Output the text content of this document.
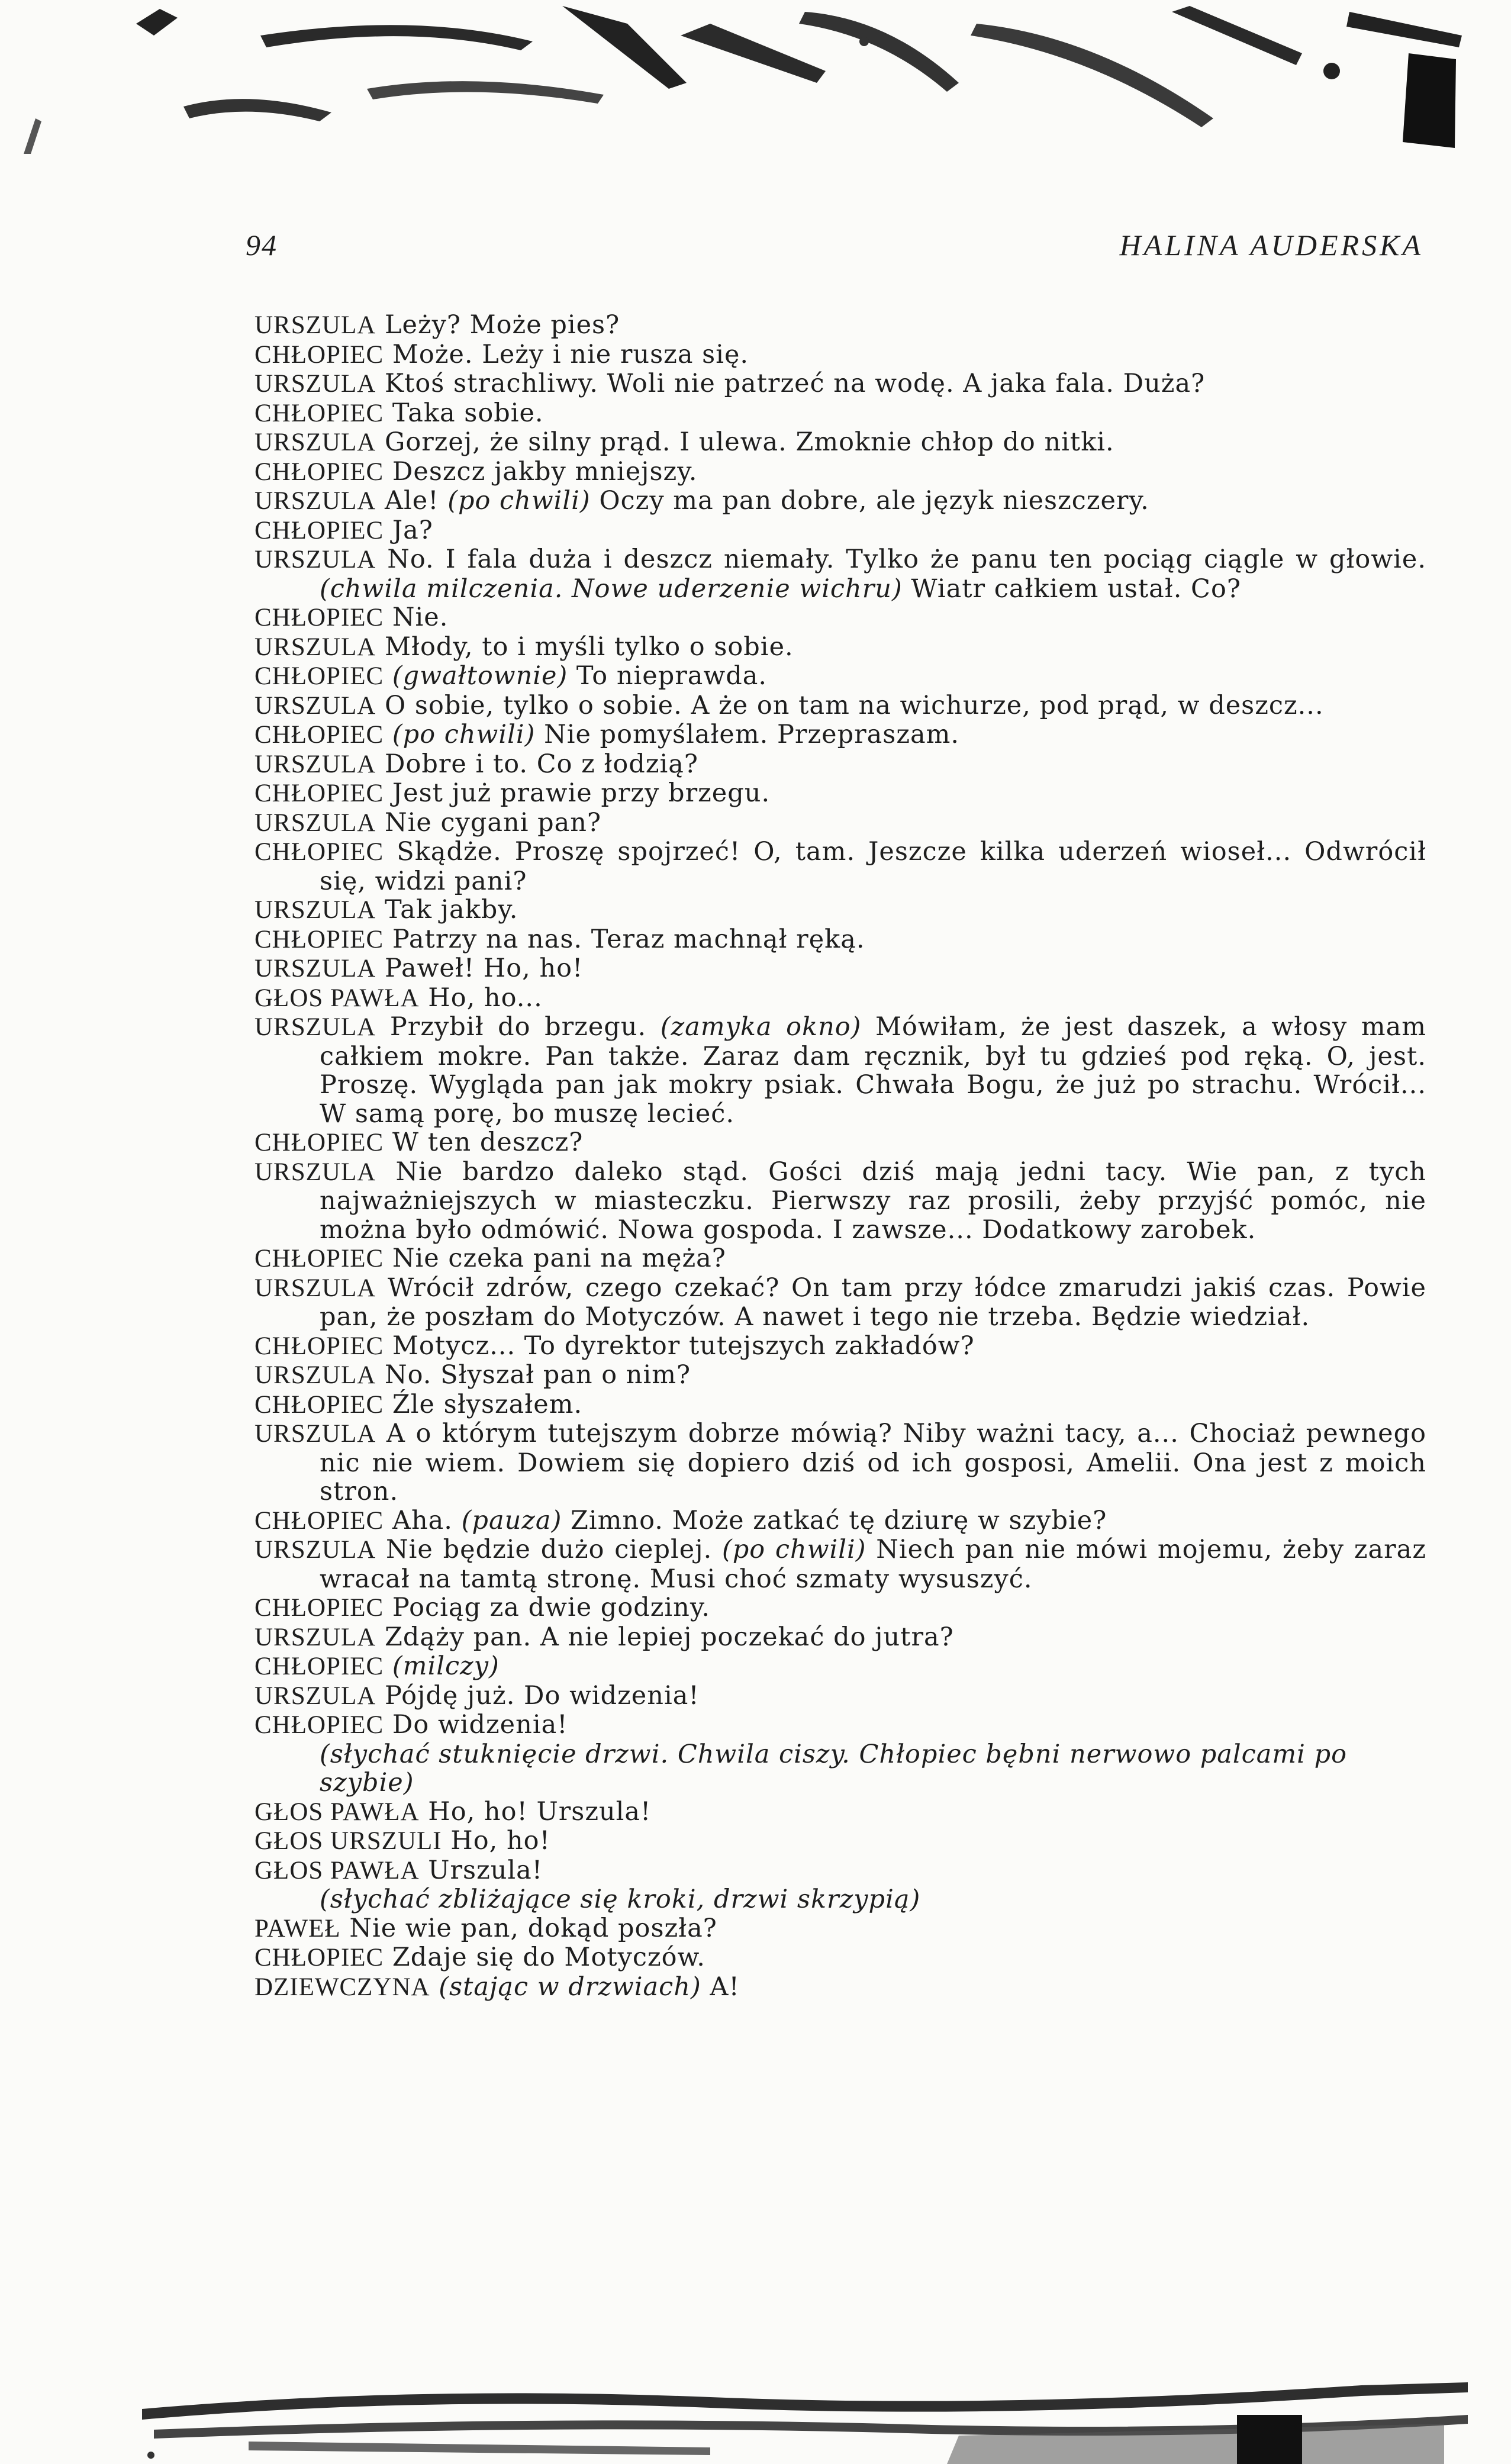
94	HALINA AUDERSKA

URSZULA Leży? Może pies?

CHŁOPIEC Może. Leży i nie rusza się.

URSZULA Ktoś strachliwy. Woli nie patrzeć na wodę. A jaka fala. Duża?

CHŁOPIEC Taka sobie.

URSZULA Gorzej, że silny prąd. I ulewa. Zmoknie chłop do nitki.

CHŁOPIEC Deszcz jakby mniejszy.

URSZULA Ale! (po chwili) Oczy ma pan dobre, ale język nieszczery.

CHŁOPIEC Ja?

URSZULA No. I fala duża i deszcz niemały. Tylko że panu ten pociąg ciągle w głowie. (chwila milczenia. Nowe uderzenie wichru) Wiatr całkiem ustał. Co?

CHŁOPIEC Nie.

URSZULA Młody, to i myśli tylko o sobie.

CHŁOPIEC (gwałtownie) To nieprawda.

URSZULA O sobie, tylko o sobie. A że on tam na wichurze, pod prąd, w deszcz...

CHŁOPIEC (po chwili) Nie pomyślałem. Przepraszam.

URSZULA Dobre i to. Co z łodzią?

CHŁOPIEC Jest już prawie przy brzegu.

URSZULA Nie cygani pan?

CHŁOPIEC Skądże. Proszę spojrzeć! O, tam. Jeszcze kilka uderzeń wioseł... Odwrócił się, widzi pani?

URSZULA Tak jakby.

CHŁOPIEC Patrzy na nas. Teraz machnął ręką.

URSZULA Paweł! Ho, ho!

GŁOS PAWŁA Ho, ho...

URSZULA Przybił do brzegu. (zamyka okno) Mówiłam, że jest daszek, a włosy mam całkiem mokre. Pan także. Zaraz dam ręcznik, był tu gdzieś pod ręką. O, jest. Proszę. Wygląda pan jak mokry psiak. Chwała Bogu, że już po strachu. Wrócił... W samą porę, bo muszę lecieć.

CHŁOPIEC W ten deszcz?

URSZULA Nie bardzo daleko stąd. Gości dziś mają jedni tacy. Wie pan, z tych najważniejszych w miasteczku. Pierwszy raz prosili, żeby przyjść pomóc, nie można było odmówić. Nowa gospoda. I zawsze... Dodatkowy zarobek.

CHŁOPIEC Nie czeka pani na męża?

URSZULA Wrócił zdrów, czego czekać? On tam przy łódce zmarudzi jakiś czas. Powie pan, że poszłam do Motyczów. A nawet i tego nie trzeba. Będzie wiedział.

CHŁOPIEC Motycz... To dyrektor tutejszych zakładów?

URSZULA No. Słyszał pan o nim?

CHŁOPIEC Źle słyszałem.

URSZULA A o którym tutejszym dobrze mówią? Niby ważni tacy, a... Chociaż pewnego nic nie wiem. Dowiem się dopiero dziś od ich gosposi, Amelii. Ona jest z moich stron.

CHŁOPIEC Aha. (pauza) Zimno. Może zatkać tę dziurę w szybie?

URSZULA Nie będzie dużo cieplej. (po chwili) Niech pan nie mówi mojemu, żeby zaraz wracał na tamtą stronę. Musi choć szmaty wysuszyć.

CHŁOPIEC Pociąg za dwie godziny.

URSZULA Zdąży pan. A nie lepiej poczekać do jutra?

CHŁOPIEC (milczy)

URSZULA Pójdę już. Do widzenia!

CHŁOPIEC Do widzenia!

(słychać stuknięcie drzwi. Chwila ciszy. Chłopiec bębni nerwowo palcami po szybie)

GŁOS PAWŁA Ho, ho! Urszula!

GŁOS URSZULI Ho, ho!

GŁOS PAWŁA Urszula!

(słychać zbliżające się kroki, drzwi skrzypią)

PAWEŁ Nie wie pan, dokąd poszła?

CHŁOPIEC Zdaje się do Motyczów.

DZIEWCZYNA (stając w drzwiach) A!
